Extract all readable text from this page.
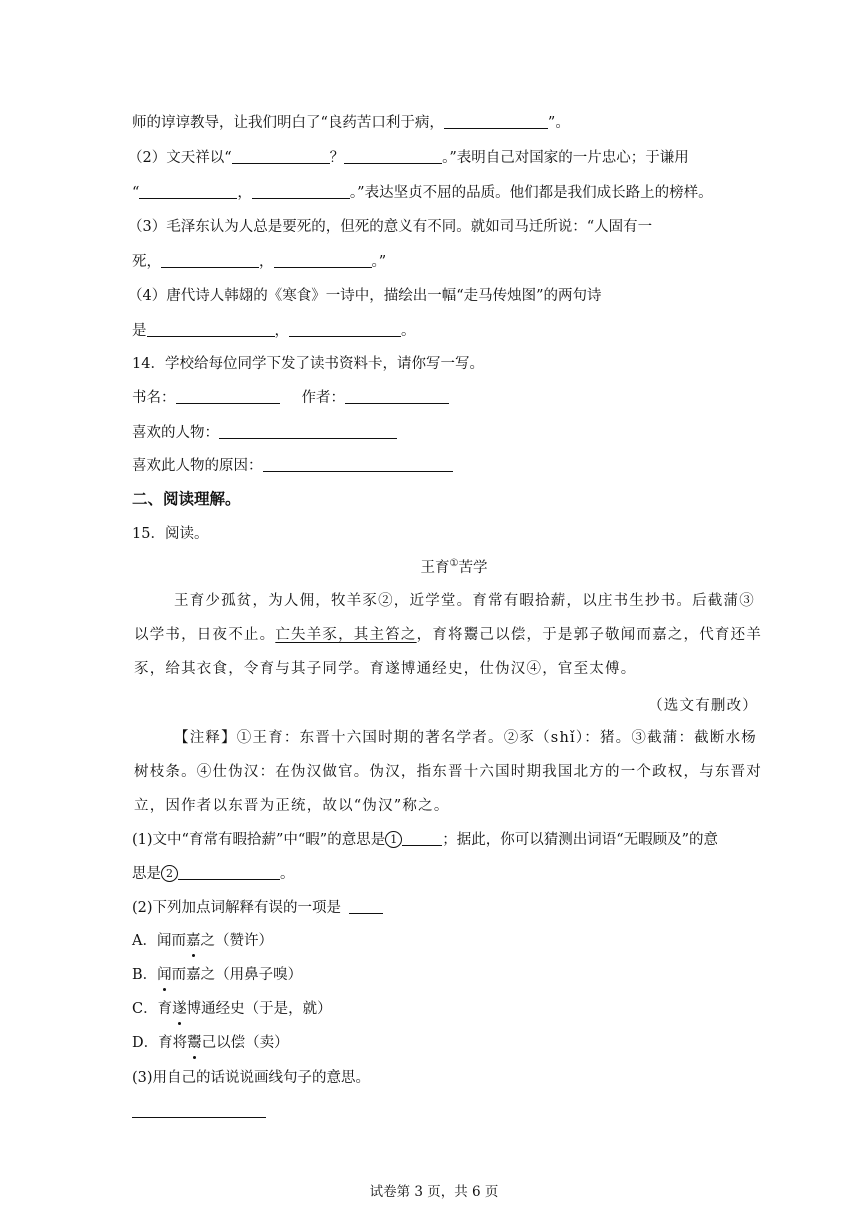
师的谆谆教导，让我们明白了“良药苦口利于病，	”。
（2）文天祥以“	？	。”表明自己对国家的一片忠心；于谦用
“	，	。”表达坚贞不屈的品质。他们都是我们成长路上的榜样。
（3）毛泽东认为人总是要死的，但死的意义有不同。就如司马迁所说：“人固有一
死，	，	。”
（4）唐代诗人韩翃的《寒食》一诗中，描绘出一幅“走马传烛图”的两句诗
是	，	。
14．学校给每位同学下发了读书资料卡，请你写一写。
书名：	作者：
喜欢的人物：
喜欢此人物的原因：
二、阅读理解。
15．阅读。
王育①苦学
王育少孤贫，为人佣，牧羊豕②，近学堂。育常有暇拾薪，以庄书生抄书。后截蒲③
以学书，日夜不止。亡失羊豕，其主笞之，育将鬻己以偿，于是郭子敬闻而嘉之，代育还羊
豕，给其衣食，令育与其子同学。育遂博通经史，仕伪汉④，官至太傅。
（选文有删改）
【注释】①王育：东晋十六国时期的著名学者。②豕（shǐ）：猪。③截蒲：截断水杨
树枝条。④仕伪汉：在伪汉做官。伪汉，指东晋十六国时期我国北方的一个政权，与东晋对
立，因作者以东晋为正统，故以“伪汉”称之。
(1)文中“育常有暇拾薪”中“暇”的意思是 1	；据此，你可以猜测出词语“无暇顾及”的意
思是 2	。
(2)下列加点词解释有误的一项是
A．闻而嘉之（赞许）
B．闻而嘉之（用鼻子嗅）
C．育遂博通经史（于是，就）
D．育将鬻己以偿（卖）
(3)用自己的话说说画线句子的意思。
试卷第 3 页，共 6 页
